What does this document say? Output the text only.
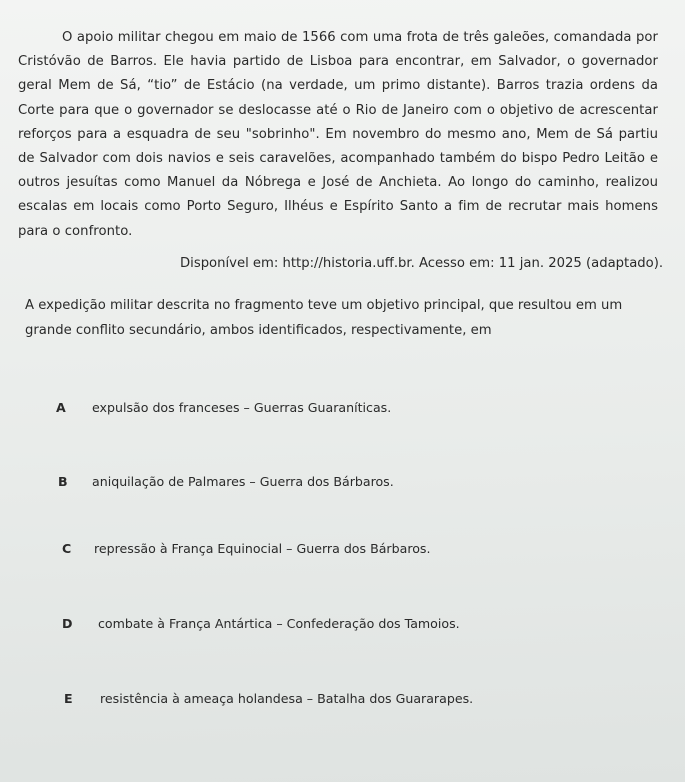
O apoio militar chegou em maio de 1566 com uma frota de três galeões, comandada por Cristóvão de Barros. Ele havia partido de Lisboa para encontrar, em Salvador, o governador geral Mem de Sá, “tio” de Estácio (na verdade, um primo distante). Barros trazia ordens da Corte para que o governador se deslocasse até o Rio de Janeiro com o objetivo de acrescentar reforços para a esquadra de seu "sobrinho". Em novembro do mesmo ano, Mem de Sá partiu de Salvador com dois navios e seis caravelões, acompanhado também do bispo Pedro Leitão e outros jesuítas como Manuel da Nóbrega e José de Anchieta. Ao longo do caminho, realizou escalas em locais como Porto Seguro, Ilhéus e Espírito Santo a fim de recrutar mais homens para o confronto.

Disponível em: http://historia.uff.br. Acesso em: 11 jan. 2025 (adaptado).

A expedição militar descrita no fragmento teve um objetivo principal, que resultou em um grande conflito secundário, ambos identificados, respectivamente, em

A expulsão dos franceses – Guerras Guaraníticas.
B aniquilação de Palmares – Guerra dos Bárbaros.
C repressão à França Equinocial – Guerra dos Bárbaros.
D combate à França Antártica – Confederação dos Tamoios.
E resistência à ameaça holandesa – Batalha dos Guararapes.
